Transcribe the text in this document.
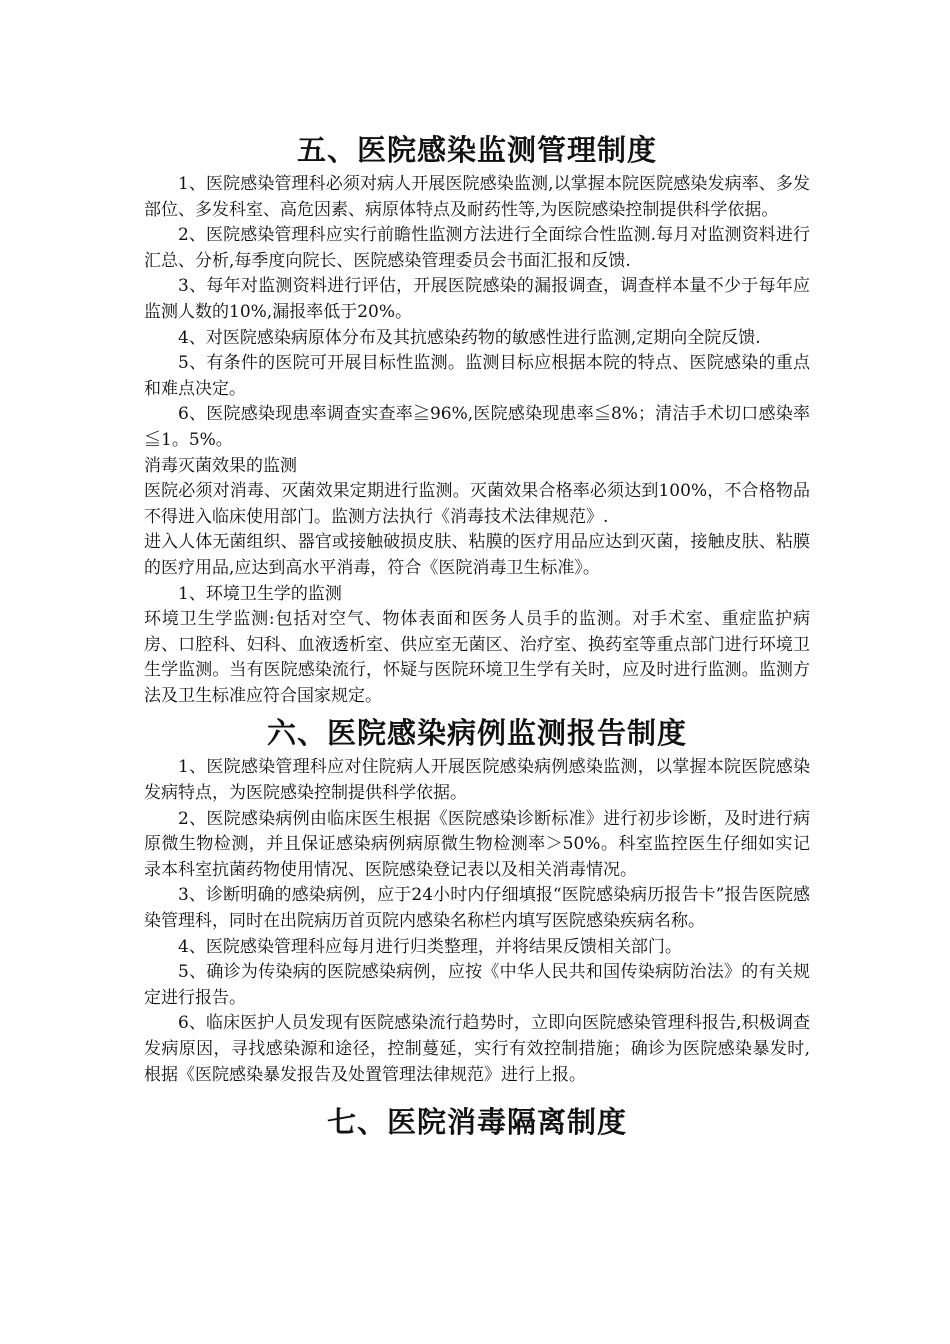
五、医院感染监测管理制度

1、医院感染管理科必须对病人开展医院感染监测,以掌握本院医院感染发病率、多发部位、多发科室、高危因素、病原体特点及耐药性等,为医院感染控制提供科学依据。

2、医院感染管理科应实行前瞻性监测方法进行全面综合性监测.每月对监测资料进行汇总、分析,每季度向院长、医院感染管理委员会书面汇报和反馈.

3、每年对监测资料进行评估，开展医院感染的漏报调查，调查样本量不少于每年应监测人数的10%,漏报率低于20%。

4、对医院感染病原体分布及其抗感染药物的敏感性进行监测,定期向全院反馈.

5、有条件的医院可开展目标性监测。监测目标应根据本院的特点、医院感染的重点和难点决定。

6、医院感染现患率调查实查率≧96%,医院感染现患率≦8%；清洁手术切口感染率≦1。5%。

消毒灭菌效果的监测

医院必须对消毒、灭菌效果定期进行监测。灭菌效果合格率必须达到100%，不合格物品不得进入临床使用部门。监测方法执行《消毒技术法律规范》.

进入人体无菌组织、器官或接触破损皮肤、粘膜的医疗用品应达到灭菌，接触皮肤、粘膜的医疗用品,应达到高水平消毒，符合《医院消毒卫生标准》。

1、环境卫生学的监测

环境卫生学监测:包括对空气、物体表面和医务人员手的监测。对手术室、重症监护病房、口腔科、妇科、血液透析室、供应室无菌区、治疗室、换药室等重点部门进行环境卫生学监测。当有医院感染流行，怀疑与医院环境卫生学有关时，应及时进行监测。监测方法及卫生标准应符合国家规定。

六、医院感染病例监测报告制度

1、医院感染管理科应对住院病人开展医院感染病例感染监测，以掌握本院医院感染发病特点，为医院感染控制提供科学依据。

2、医院感染病例由临床医生根据《医院感染诊断标准》进行初步诊断，及时进行病原微生物检测，并且保证感染病例病原微生物检测率＞50%。科室监控医生仔细如实记录本科室抗菌药物使用情况、医院感染登记表以及相关消毒情况。

3、诊断明确的感染病例，应于24小时内仔细填报“医院感染病历报告卡”报告医院感染管理科，同时在出院病历首页院内感染名称栏内填写医院感染疾病名称。

4、医院感染管理科应每月进行归类整理，并将结果反馈相关部门。

5、确诊为传染病的医院感染病例，应按《中华人民共和国传染病防治法》的有关规定进行报告。

6、临床医护人员发现有医院感染流行趋势时，立即向医院感染管理科报告,积极调查发病原因，寻找感染源和途径，控制蔓延，实行有效控制措施；确诊为医院感染暴发时,根据《医院感染暴发报告及处置管理法律规范》进行上报。

七、医院消毒隔离制度
